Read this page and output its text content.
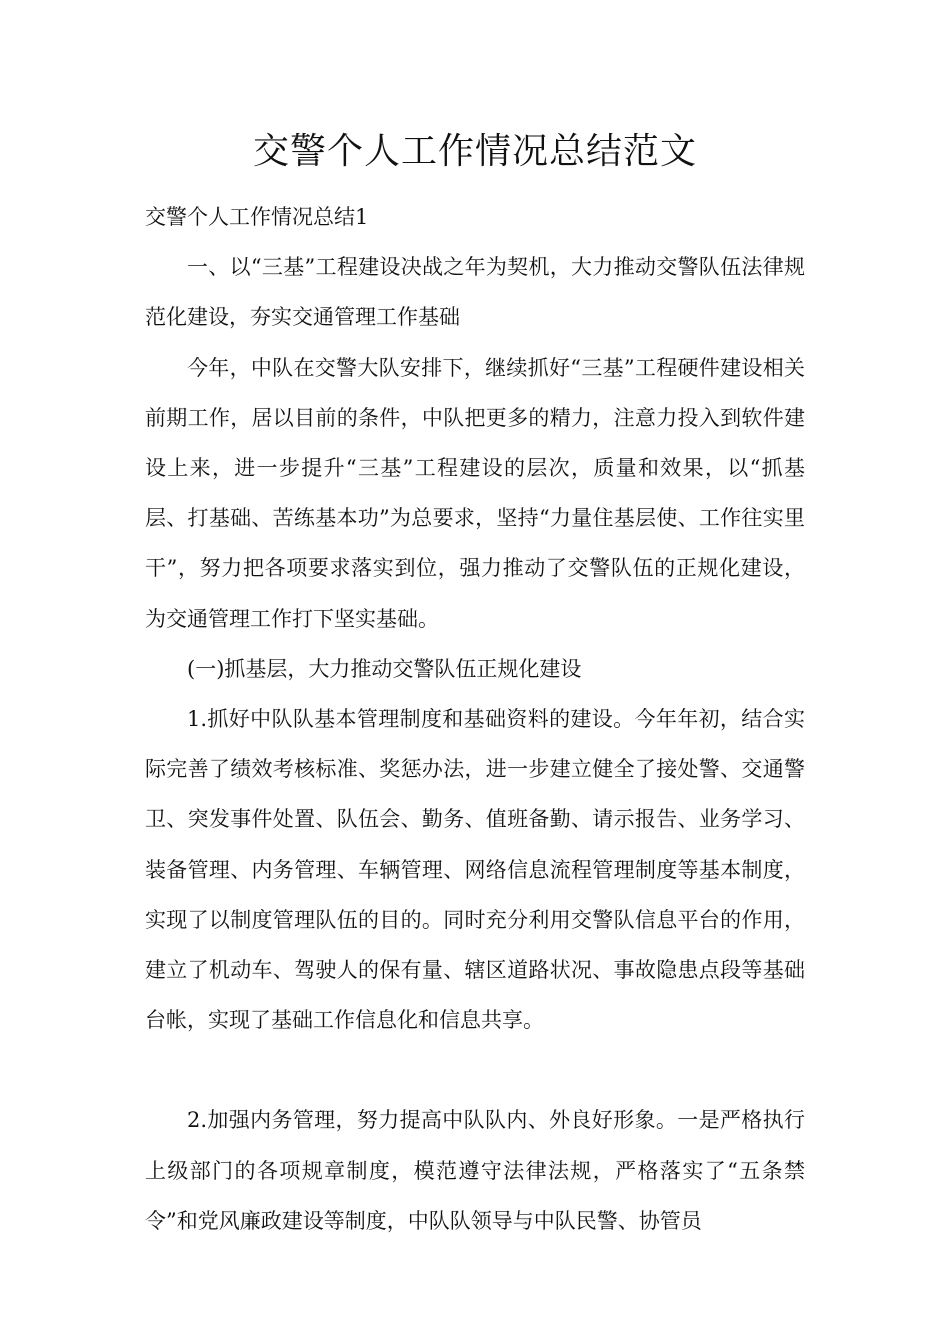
交警个人工作情况总结范文

交警个人工作情况总结1

一、以“三基”工程建设决战之年为契机，大力推动交警队伍法律规范化建设，夯实交通管理工作基础

今年，中队在交警大队安排下，继续抓好“三基”工程硬件建设相关前期工作，居以目前的条件，中队把更多的精力，注意力投入到软件建设上来，进一步提升“三基”工程建设的层次，质量和效果，以“抓基层、打基础、苦练基本功”为总要求，坚持“力量住基层使、工作往实里干”，努力把各项要求落实到位，强力推动了交警队伍的正规化建设，为交通管理工作打下坚实基础。

(一)抓基层，大力推动交警队伍正规化建设

1.抓好中队队基本管理制度和基础资料的建设。今年年初，结合实际完善了绩效考核标准、奖惩办法，进一步建立健全了接处警、交通警卫、突发事件处置、队伍会、勤务、值班备勤、请示报告、业务学习、装备管理、内务管理、车辆管理、网络信息流程管理制度等基本制度，实现了以制度管理队伍的目的。同时充分利用交警队信息平台的作用，建立了机动车、驾驶人的保有量、辖区道路状况、事故隐患点段等基础台帐，实现了基础工作信息化和信息共享。

2.加强内务管理，努力提高中队队内、外良好形象。一是严格执行上级部门的各项规章制度，模范遵守法律法规，严格落实了“五条禁令”和党风廉政建设等制度，中队队领导与中队民警、协管员
